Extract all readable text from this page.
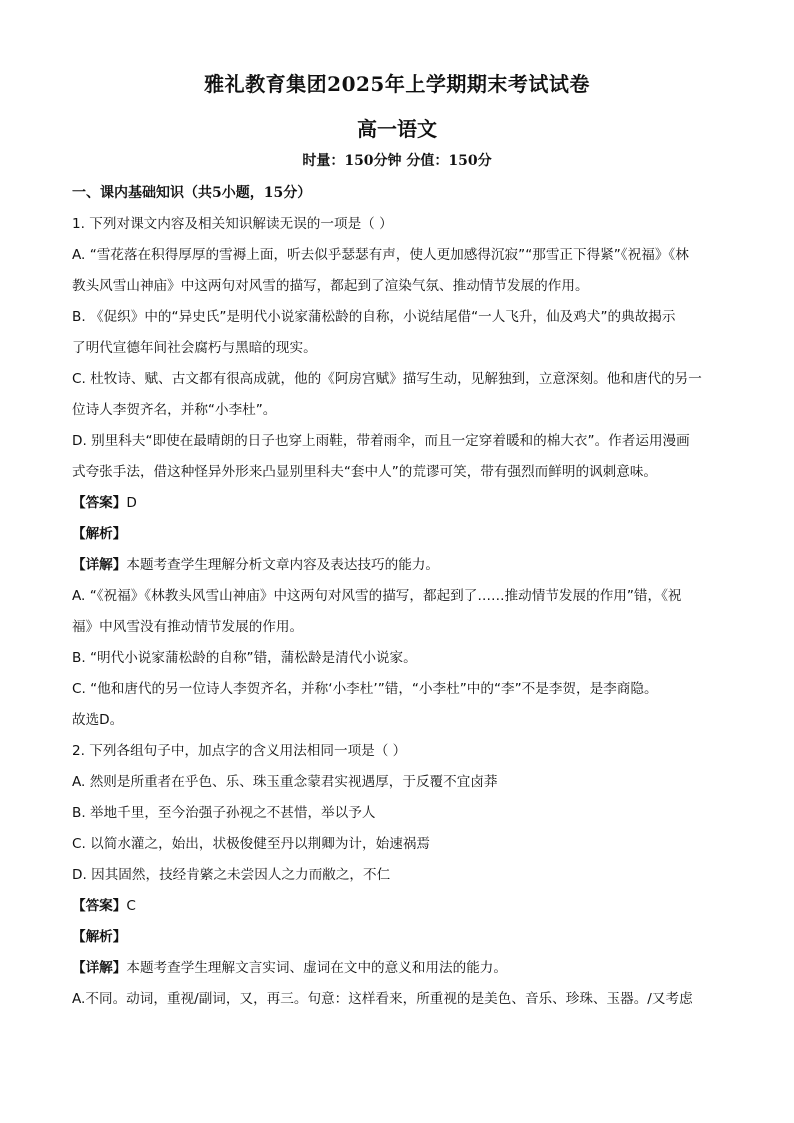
雅礼教育集团2025年上学期期末考试试卷
高一语文
时量：150分钟 分值：150分
一、课内基础知识（共5小题，15分）
1. 下列对课文内容及相关知识解读无误的一项是（ ）
A. “雪花落在积得厚厚的雪褥上面，听去似乎瑟瑟有声，使人更加感得沉寂”“那雪正下得紧”《祝福》《林
教头风雪山神庙》中这两句对风雪的描写，都起到了渲染气氛、推动情节发展的作用。
B. 《促织》中的“异史氏”是明代小说家蒲松龄的自称，小说结尾借“一人飞升，仙及鸡犬”的典故揭示
了明代宣德年间社会腐朽与黑暗的现实。
C. 杜牧诗、赋、古文都有很高成就，他的《阿房宫赋》描写生动，见解独到，立意深刻。他和唐代的另一
位诗人李贺齐名，并称“小李杜”。
D. 别里科夫“即使在最晴朗的日子也穿上雨鞋，带着雨伞，而且一定穿着暖和的棉大衣”。作者运用漫画
式夸张手法，借这种怪异外形来凸显别里科夫“套中人”的荒谬可笑，带有强烈而鲜明的讽刺意味。
【答案】D
【解析】
【详解】本题考查学生理解分析文章内容及表达技巧的能力。
A. “《祝福》《林教头风雪山神庙》中这两句对风雪的描写，都起到了……推动情节发展的作用”错，《祝
福》中风雪没有推动情节发展的作用。
B. “明代小说家蒲松龄的自称”错，蒲松龄是清代小说家。
C. “他和唐代的另一位诗人李贺齐名，并称‘小李杜’”错，“小李杜”中的“李”不是李贺，是李商隐。
故选D。
2. 下列各组句子中，加点字的含义用法相同一项是（ ）
A. 然则是所重者在乎色、乐、珠玉重念蒙君实视遇厚，于反覆不宜卤莽
B. 举地千里，至今治强子孙视之不甚惜，举以予人
C. 以简水灌之，始出，状极俊健至丹以荆卿为计，始速祸焉
D. 因其固然，技经肯綮之未尝因人之力而敝之，不仁
【答案】C
【解析】
【详解】本题考查学生理解文言实词、虚词在文中的意义和用法的能力。
A.不同。动词，重视/副词，又，再三。句意：这样看来，所重视的是美色、音乐、珍珠、玉器。/又考虑
